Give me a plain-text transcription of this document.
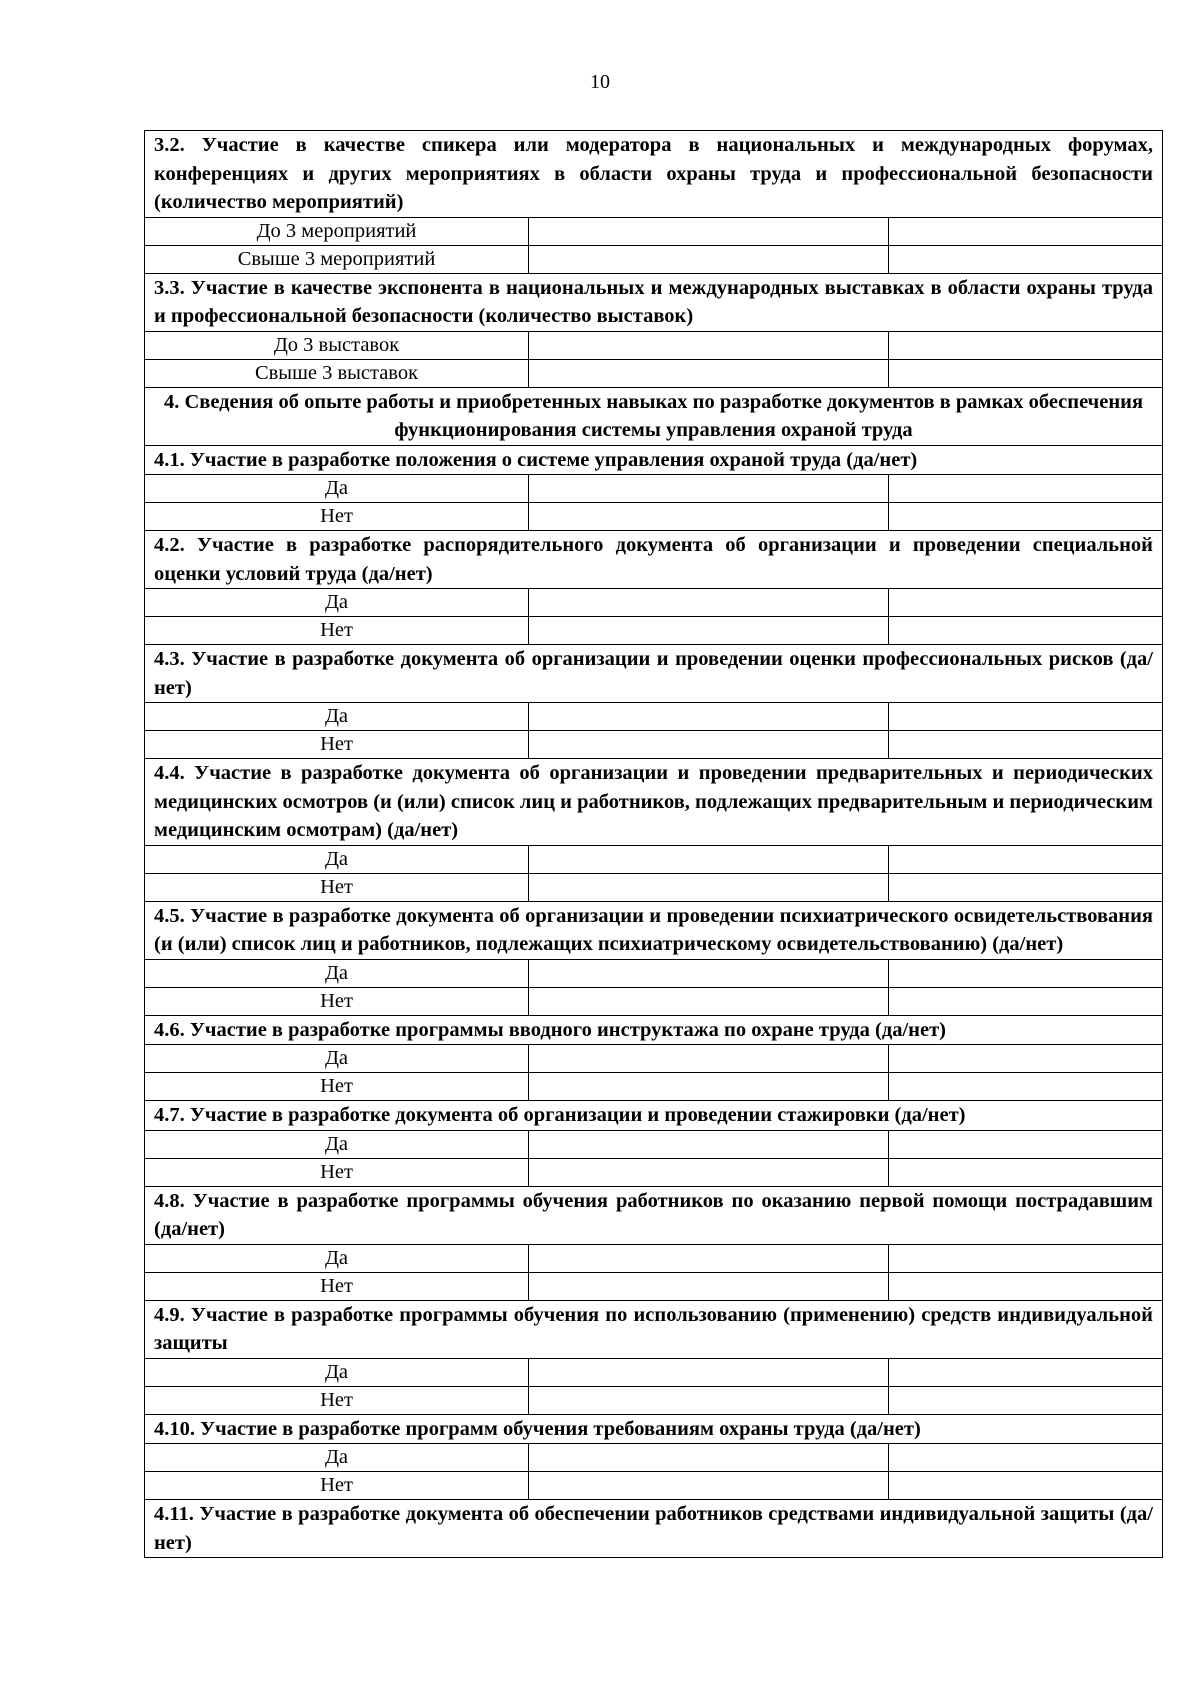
10
3.2. Участие в качестве спикера или модератора в национальных и международных форумах, конференциях и других мероприятиях в области охраны труда и профессиональной безопасности (количество мероприятий)		
До 3 мероприятий		
Свыше 3 мероприятий		
3.3. Участие в качестве экспонента в национальных и международных выставках в области охраны труда и профессиональной безопасности (количество выставок)		
До 3 выставок		
Свыше 3 выставок		
4. Сведения об опыте работы и приобретенных навыках по разработке документов в рамках обеспечения функционирования системы управления охраной труда		
4.1. Участие в разработке положения о системе управления охраной труда (да/нет)		
Да		
Нет		
4.2. Участие в разработке распорядительного документа об организации и проведении специальной оценки условий труда (да/нет)		
Да		
Нет		
4.3. Участие в разработке документа об организации и проведении оценки профессиональных рисков (да/нет)		
Да		
Нет		
4.4. Участие в разработке документа об организации и проведении предварительных и периодических медицинских осмотров (и (или) список лиц и работников, подлежащих предварительным и периодическим медицинским осмотрам) (да/нет)		
Да		
Нет		
4.5. Участие в разработке документа об организации и проведении психиатрического освидетельствования (и (или) список лиц и работников, подлежащих психиатрическому освидетельствованию) (да/нет)		
Да		
Нет		
4.6. Участие в разработке программы вводного инструктажа по охране труда (да/нет)		
Да		
Нет		
4.7. Участие в разработке документа об организации и проведении стажировки (да/нет)		
Да		
Нет		
4.8. Участие в разработке программы обучения работников по оказанию первой помощи пострадавшим (да/нет)		
Да		
Нет		
4.9. Участие в разработке программы обучения по использованию (применению) средств индивидуальной защиты		
Да		
Нет		
4.10. Участие в разработке программ обучения требованиям охраны труда (да/нет)		
Да		
Нет		
4.11. Участие в разработке документа об обеспечении работников средствами индивидуальной защиты (да/нет)		
